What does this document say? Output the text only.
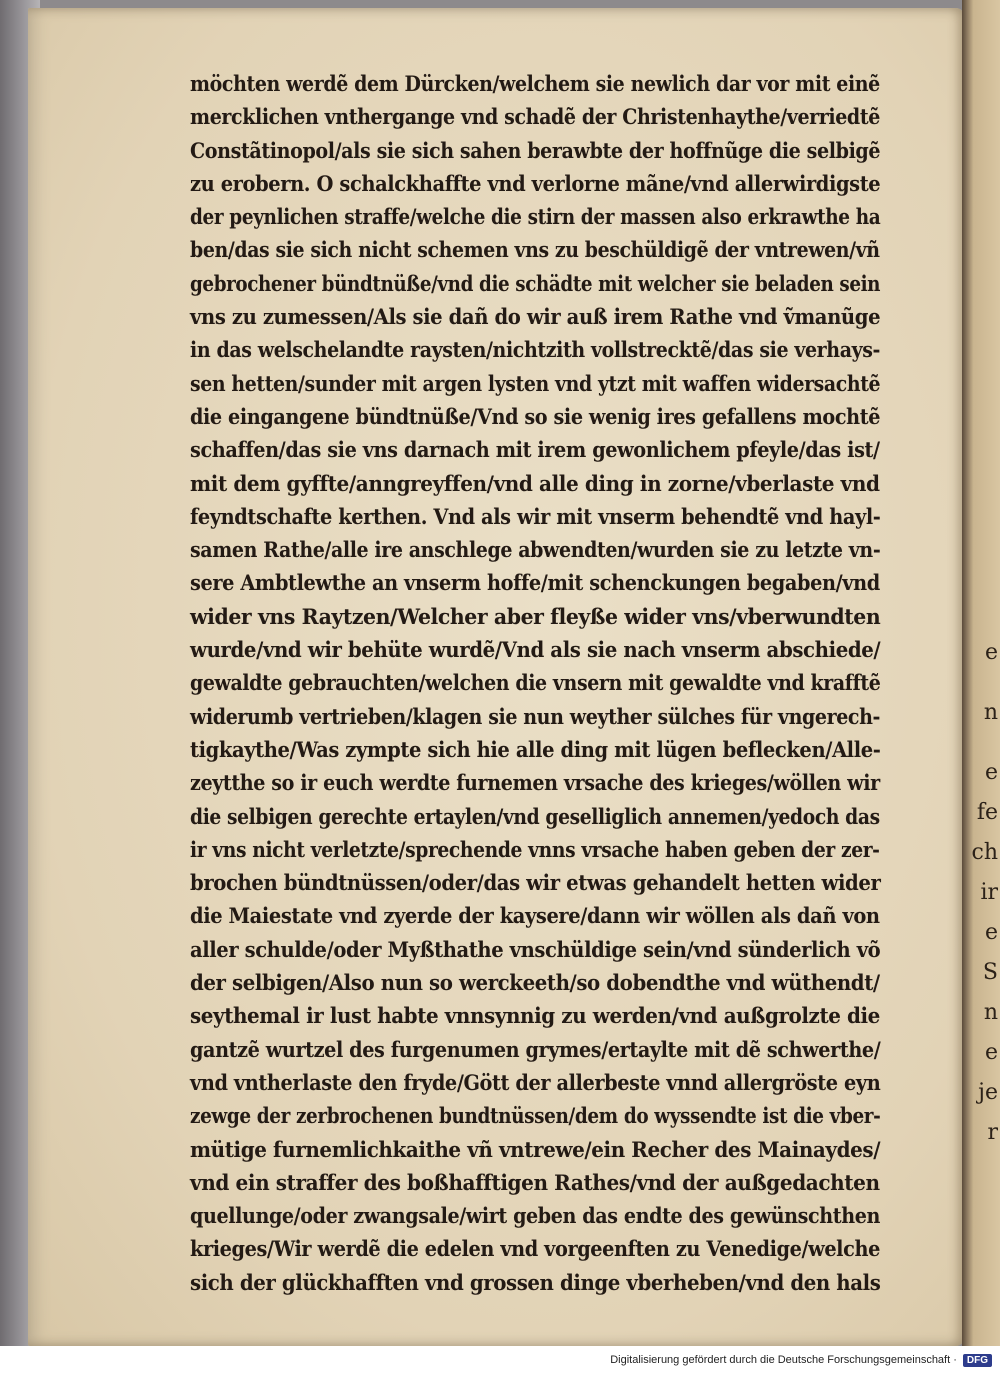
möchten werdẽ dem Dürcken/welchem sie newlich dar vor mit einẽ
mercklichen vnthergange vnd schadẽ der Christenhaythe/verriedtẽ
Constãtinopol/als sie sich sahen berawbte der hoffnũge die selbigẽ
zu erobern. O schalckhaffte vnd verlorne mãne/vnd allerwirdigste
der peynlichen straffe/welche die stirn der massen also erkrawthe ha
ben/das sie sich nicht schemen vns zu beschüldigẽ der vntrewen/vñ
gebrochener bündtnüße/vnd die schädte mit welcher sie beladen sein
vns zu zumessen/Als sie dañ do wir auß irem Rathe vnd ṽmanũge
in das welschelandte raysten/nichtzith vollstrecktẽ/das sie verhays-
sen hetten/sunder mit argen lysten vnd ytzt mit waffen widersachtẽ
die eingangene bündtnüße/Vnd so sie wenig ires gefallens mochtẽ
schaffen/das sie vns darnach mit irem gewonlichem pfeyle/das ist/
mit dem gyffte/anngreyffen/vnd alle ding in zorne/vberlaste vnd
feyndtschafte kerthen. Vnd als wir mit vnserm behendtẽ vnd hayl-
samen Rathe/alle ire anschlege abwendten/wurden sie zu letzte vn-
sere Ambtlewthe an vnserm hoffe/mit schenckungen begaben/vnd
wider vns Raytzen/Welcher aber fleyße wider vns/vberwundten
wurde/vnd wir behüte wurdẽ/Vnd als sie nach vnserm abschiede/
gewaldte gebrauchten/welchen die vnsern mit gewaldte vnd krafftẽ
widerumb vertrieben/klagen sie nun weyther sülches für vngerech-
tigkaythe/Was zympte sich hie alle ding mit lügen beflecken/Alle-
zeytthe so ir euch werdte furnemen vrsache des krieges/wöllen wir
die selbigen gerechte ertaylen/vnd geselliglich annemen/yedoch das
ir vns nicht verletzte/sprechende vnns vrsache haben geben der zer-
brochen bündtnüssen/oder/das wir etwas gehandelt hetten wider
die Maiestate vnd zyerde der kaysere/dann wir wöllen als dañ von
aller schulde/oder Myßthathe vnschüldige sein/vnd sünderlich võ
der selbigen/Also nun so werckeeth/so dobendthe vnd wüthendt/
seythemal ir lust habte vnnsynnig zu werden/vnd außgrolzte die
gantzẽ wurtzel des furgenumen grymes/ertaylte mit dẽ schwerthe/
vnd vntherlaste den fryde/Gött der allerbeste vnnd allergröste eyn
zewge der zerbrochenen bundtnüssen/dem do wyssendte ist die vber-
mütige furnemlichkaithe vñ vntrewe/ein Recher des Mainaydes/
vnd ein straffer des boßhafftigen Rathes/vnd der außgedachten
quellunge/oder zwangsale/wirt geben das endte des gewünschthen
krieges/Wir werdẽ die edelen vnd vorgeenften zu Venedige/welche
sich der glückhafften vnd grossen dinge vberheben/vnd den hals
e
n
e
fe
ch
ir
e
S
n
e
je
r
Digitalisierung gefördert durch die Deutsche Forschungsgemeinschaft ·	DFG
